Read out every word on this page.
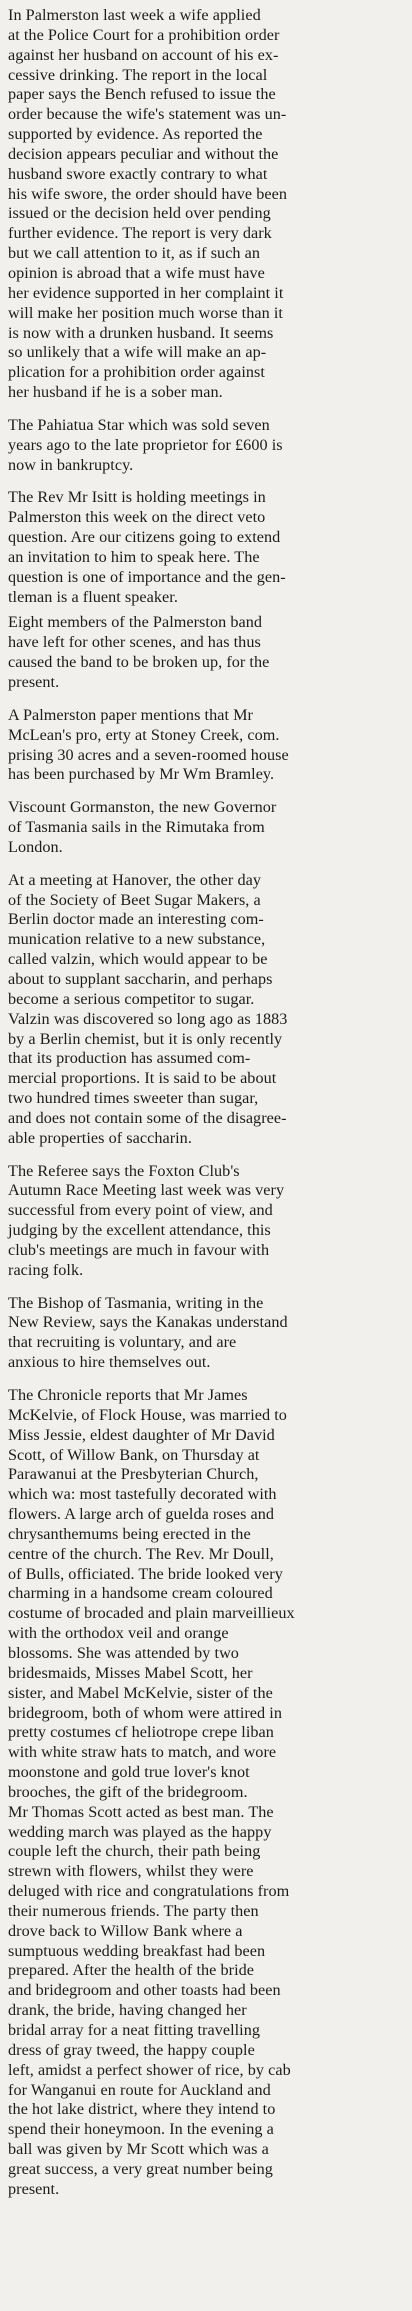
In Palmerston last week a wife applied
at the Police Court for a prohibition order
against her husband on account of his ex-
cessive drinking. The report in the local
paper says the Bench refused to issue the
order because the wife's statement was un-
supported by evidence. As reported the
decision appears peculiar and without the
husband swore exactly contrary to what
his wife swore, the order should have been
issued or the decision held over pending
further evidence. The report is very dark
but we call attention to it, as if such an
opinion is abroad that a wife must have
her evidence supported in her complaint it
will make her position much worse than it
is now with a drunken husband. It seems
so unlikely that a wife will make an ap-
plication for a prohibition order against
her husband if he is a sober man.
The Pahiatua Star which was sold seven
years ago to the late proprietor for £600 is
now in bankruptcy.
The Rev Mr Isitt is holding meetings in
Palmerston this week on the direct veto
question. Are our citizens going to extend
an invitation to him to speak here. The
question is one of importance and the gen-
tleman is a fluent speaker.
Eight members of the Palmerston band
have left for other scenes, and has thus
caused the band to be broken up, for the
present.
A Palmerston paper mentions that Mr
McLean's pro, erty at Stoney Creek, com.
prising 30 acres and a seven-roomed house
has been purchased by Mr Wm Bramley.
Viscount Gormanston, the new Governor
of Tasmania sails in the Rimutaka from
London.
At a meeting at Hanover, the other day
of the Society of Beet Sugar Makers, a
Berlin doctor made an interesting com-
munication relative to a new substance,
called valzin, which would appear to be
about to supplant saccharin, and perhaps
become a serious competitor to sugar.
Valzin was discovered so long ago as 1883
by a Berlin chemist, but it is only recently
that its production has assumed com-
mercial proportions. It is said to be about
two hundred times sweeter than sugar,
and does not contain some of the disagree-
able properties of saccharin.
The Referee says the Foxton Club's
Autumn Race Meeting last week was very
successful from every point of view, and
judging by the excellent attendance, this
club's meetings are much in favour with
racing folk.
The Bishop of Tasmania, writing in the
New Review, says the Kanakas understand
that recruiting is voluntary, and are
anxious to hire themselves out.
The Chronicle reports that Mr James
McKelvie, of Flock House, was married to
Miss Jessie, eldest daughter of Mr David
Scott, of Willow Bank, on Thursday at
Parawanui at the Presbyterian Church,
which wa: most tastefully decorated with
flowers. A large arch of guelda roses and
chrysanthemums being erected in the
centre of the church. The Rev. Mr Doull,
of Bulls, officiated. The bride looked very
charming in a handsome cream coloured
costume of brocaded and plain marveillieux
with the orthodox veil and orange
blossoms. She was attended by two
bridesmaids, Misses Mabel Scott, her
sister, and Mabel McKelvie, sister of the
bridegroom, both of whom were attired in
pretty costumes cf heliotrope crepe liban
with white straw hats to match, and wore
moonstone and gold true lover's knot
brooches, the gift of the bridegroom.
Mr Thomas Scott acted as best man. The
wedding march was played as the happy
couple left the church, their path being
strewn with flowers, whilst they were
deluged with rice and congratulations from
their numerous friends. The party then
drove back to Willow Bank where a
sumptuous wedding breakfast had been
prepared. After the health of the bride
and bridegroom and other toasts had been
drank, the bride, having changed her
bridal array for a neat fitting travelling
dress of gray tweed, the happy couple
left, amidst a perfect shower of rice, by cab
for Wanganui en route for Auckland and
the hot lake district, where they intend to
spend their honeymoon. In the evening a
ball was given by Mr Scott which was a
great success, a very great number being
present.
